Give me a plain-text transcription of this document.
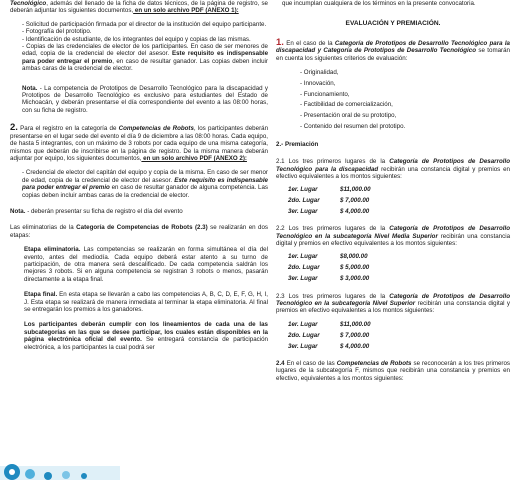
Tecnológico, además del llenado de la ficha de datos técnicos, de la página de registro, se deberán adjuntar los siguientes documentos, en un solo archivo PDF (ANEXO 1):

- Solicitud de participación firmada por el director de la institución del equipo participante.
- Fotografía del prototipo.
- Identificación de estudiante, de los integrantes del equipo y copias de las mismas.

- Copias de las credenciales de elector de los participantes. En caso de ser menores de edad, copia de la credencial de elector del asesor. Este requisito es indispensable para poder entregar el premio, en caso de resultar ganador. Las copias deben incluir ambas caras de la credencial de elector.

Nota. - La competencia de Prototipos de Desarrollo Tecnológico para la discapacidad y Prototipos de Desarrollo Tecnológico es exclusivo para estudiantes del Estado de Michoacán, y deberán presentarse el día correspondiente del evento a las 08:00 horas, con su ficha de registro.

2. Para el registro en la categoría de Competencias de Robots, los participantes deberán presentarse en el lugar sede del evento el día 9 de diciembre a las 08:00 horas. Cada equipo, de hasta 5 integrantes, con un máximo de 3 robots por cada equipo de una misma categoría, mismos que deberán de inscribirse en la página de registro. De la misma manera deberán adjuntar por equipo, los siguientes documentos, en un solo archivo PDF (ANEXO 2):

- Credencial de elector del capitán del equipo y copia de la misma. En caso de ser menor de edad, copia de la credencial de elector del asesor. Este requisito es indispensable para poder entregar el premio en caso de resultar ganador de alguna competencia. Las copias deben incluir ambas caras de la credencial de elector.

Nota. - deberán presentar su ficha de registro el día del evento

Las eliminatorias de la Categoría de Competencias de Robots (2.3) se realizarán en dos etapas:

Etapa eliminatoria. Las competencias se realizarán en forma simultánea el día del evento, antes del mediodía. Cada equipo deberá estar atento a su turno de participación, de otra manera será descalificado. De cada competencia saldrán los mejores 3 robots. Si en alguna competencia se registran 3 robots o menos, pasarán directamente a la etapa final.

Etapa final. En esta etapa se llevarán a cabo las competencias A, B, C, D, E, F, G, H, I, J. Esta etapa se realizará de manera inmediata al terminar la etapa eliminatoria. Al final se entregarán los premios a los ganadores.

Los participantes deberán cumplir con los lineamientos de cada una de las subcategorías en las que se desee participar, los cuales están disponibles en la página electrónica oficial del evento. Se entregará constancia de participación electrónica, a los participantes la cual podrá ser

que incumplan cualquiera de los términos en la presente convocatoria.

EVALUACIÓN Y PREMIACIÓN.

1. En el caso de la Categoría de Prototipos de Desarrollo Tecnológico para la discapacidad y Categoría de Prototipos de Desarrollo Tecnológico se tomarán en cuenta los siguientes criterios de evaluación:

- Originalidad,
- Innovación,
- Funcionamiento,
- Factibilidad de comercialización,
- Presentación oral de su prototipo,
- Contenido del resumen del prototipo.
2.- Premiación

2.1 Los tres primeros lugares de la Categoría de Prototipos de Desarrollo Tecnológico para la discapacidad recibirán una constancia digital y premios en efectivo equivalentes a los montos siguientes:

1er. Lugar	$11,000.00
2do. Lugar	$ 7,000.00
3er. Lugar	$ 4,000.00

2.2 Los tres primeros lugares de la Categoría de Prototipos de Desarrollo Tecnológico en la subcategoría Nivel Media Superior recibirán una constancia digital y premios en efectivo equivalentes a los montos siguientes:

1er. Lugar	$8,000.00
2do. Lugar	$ 5,000.00
3er. Lugar	$ 3,000.00

2.3 Los tres primeros lugares de la Categoría de Prototipos de Desarrollo Tecnológico en la subcategoría Nivel Superior recibirán una constancia digital y premios en efectivo equivalentes a los montos siguientes:

1er. Lugar	$11,000.00
2do. Lugar	$ 7,000.00
3er. Lugar	$ 4,000.00

2.4 En el caso de las Competencias de Robots se reconocerán a los tres primeros lugares de la subcategoría F, mismos que recibirán una constancia y premios en efectivo, equivalentes a los montos siguientes:
